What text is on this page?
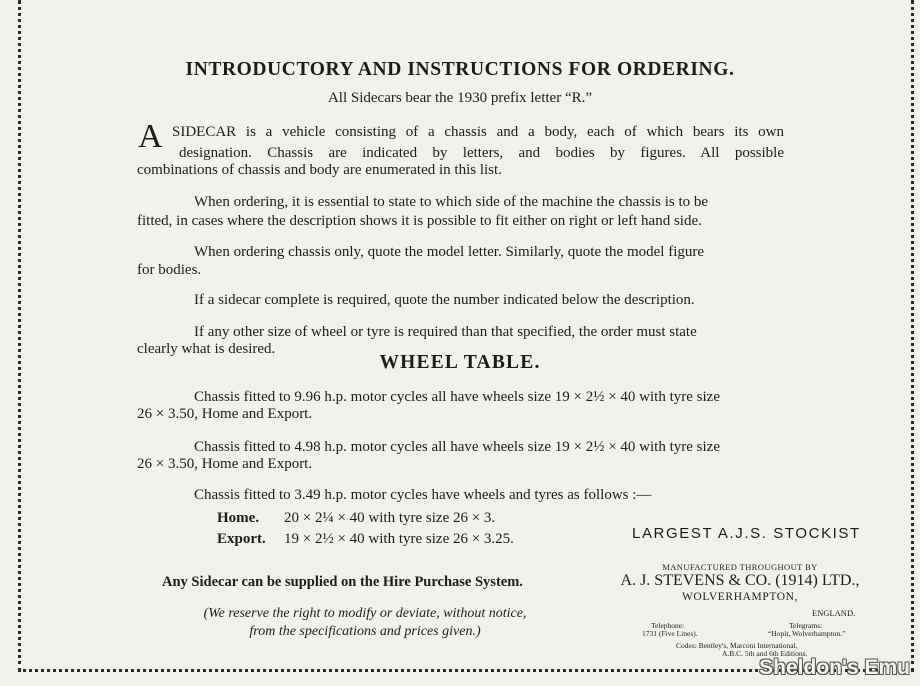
INTRODUCTORY AND INSTRUCTIONS FOR ORDERING.
All Sidecars bear the 1930 prefix letter “R.”
A SIDECAR is a vehicle consisting of a chassis and a body, each of which bears its own
designation. Chassis are indicated by letters, and bodies by figures. All possible
combinations of chassis and body are enumerated in this list.
When ordering, it is essential to state to which side of the machine the chassis is to be
fitted, in cases where the description shows it is possible to fit either on right or left hand side.
When ordering chassis only, quote the model letter. Similarly, quote the model figure
for bodies.
If a sidecar complete is required, quote the number indicated below the description.
If any other size of wheel or tyre is required than that specified, the order must state
clearly what is desired.
WHEEL TABLE.
Chassis fitted to 9.96 h.p. motor cycles all have wheels size 19 × 2½ × 40 with tyre size
26 × 3.50, Home and Export.
Chassis fitted to 4.98 h.p. motor cycles all have wheels size 19 × 2½ × 40 with tyre size
26 × 3.50, Home and Export.
Chassis fitted to 3.49 h.p. motor cycles have wheels and tyres as follows :—
Home. 20 × 2¼ × 40 with tyre size 26 × 3.
Export. 19 × 2½ × 40 with tyre size 26 × 3.25.
Any Sidecar can be supplied on the Hire Purchase System.
(We reserve the right to modify or deviate, without notice,
from the specifications and prices given.)
LARGEST A.J.S. STOCKIST
MANUFACTURED THROUGHOUT BY
A. J. STEVENS & CO. (1914) LTD.,
WOLVERHAMPTON,
ENGLAND.
Telephone:
1731 (Five Lines).
Telegrams:
“Hopit, Wolverhampton.”
Codes: Bentley's, Marconi International,
A.B.C. 5th and 6th Editions.
Sheldon's Emu
